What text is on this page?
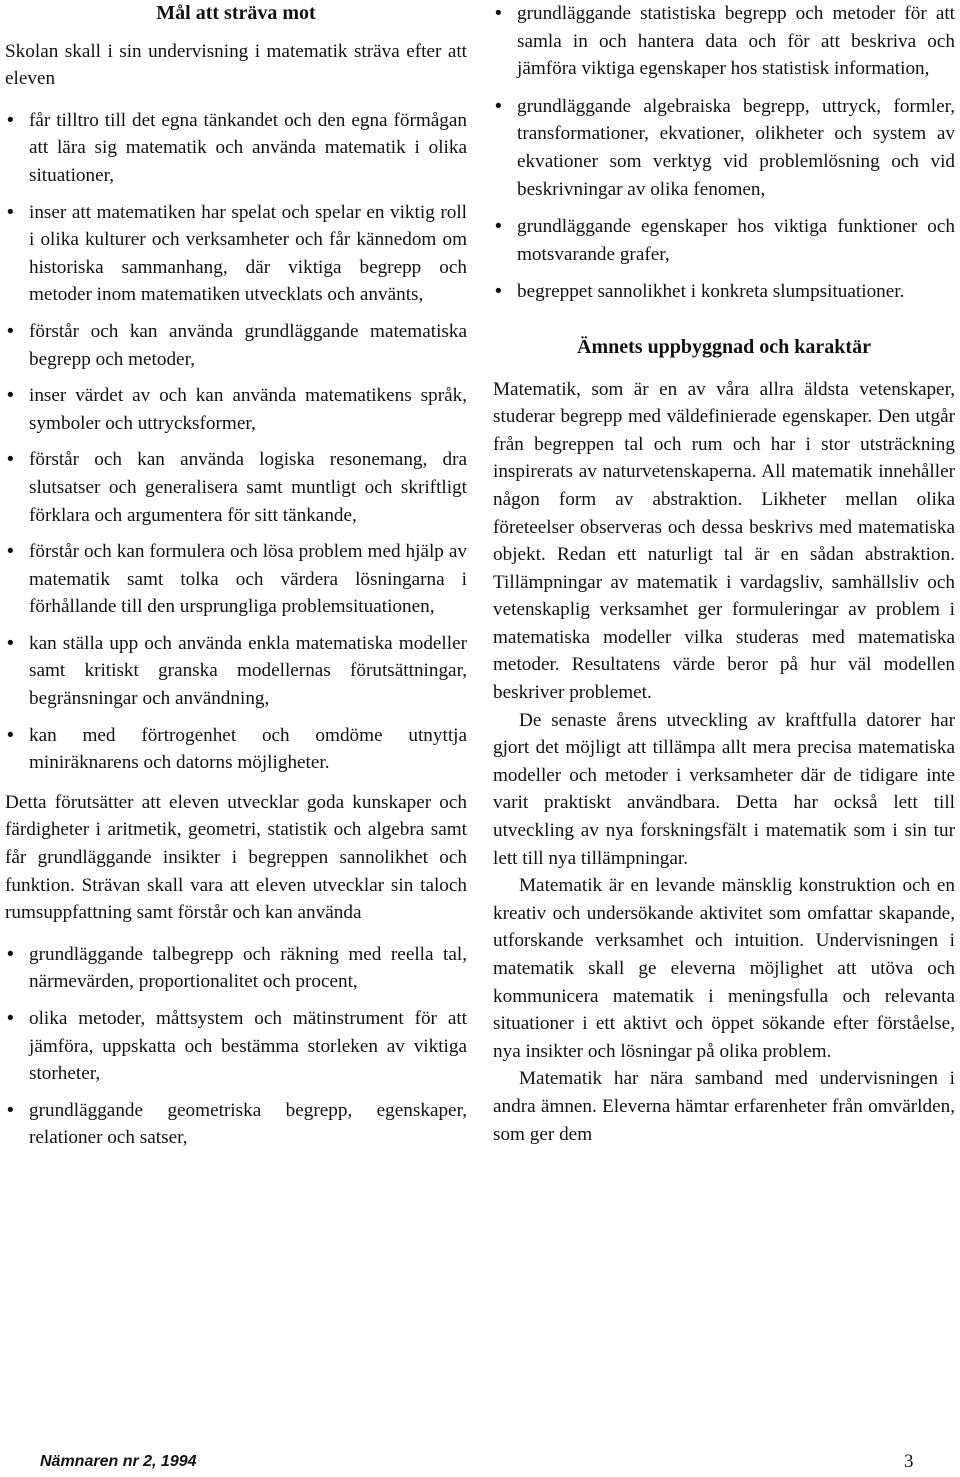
Mål att sträva mot

Skolan skall i sin undervisning i matematik sträva efter att eleven

• får tilltro till det egna tänkandet och den egna förmågan att lära sig matematik och använda matematik i olika situationer,
• inser att matematiken har spelat och spelar en viktig roll i olika kulturer och verksamheter och får kännedom om historiska sammanhang, där viktiga begrepp och metoder inom matematiken utvecklats och använts,
• förstår och kan använda grundläggande matematiska begrepp och metoder,
• inser värdet av och kan använda matematikens språk, symboler och uttrycksformer,
• förstår och kan använda logiska resonemang, dra slutsatser och generalisera samt muntligt och skriftligt förklara och argumentera för sitt tänkande,
• förstår och kan formulera och lösa problem med hjälp av matematik samt tolka och värdera lösningarna i förhållande till den ursprungliga problemsituationen,
• kan ställa upp och använda enkla matematiska modeller samt kritiskt granska modellernas förutsättningar, begränsningar och användning,
• kan med förtrogenhet och omdöme utnyttja miniräknarens och datorns möjligheter.

Detta förutsätter att eleven utvecklar goda kunskaper och färdigheter i aritmetik, geometri, statistik och algebra samt får grundläggande insikter i begreppen sannolikhet och funktion. Strävan skall vara att eleven utvecklar sin taloch rumsuppfattning samt förstår och kan använda

• grundläggande talbegrepp och räkning med reella tal, närmevärden, proportionalitet och procent,
• olika metoder, måttsystem och mätinstrument för att jämföra, uppskatta och bestämma storleken av viktiga storheter,
• grundläggande geometriska begrepp, egenskaper, relationer och satser,
• grundläggande statistiska begrepp och metoder för att samla in och hantera data och för att beskriva och jämföra viktiga egenskaper hos statistisk information,
• grundläggande algebraiska begrepp, uttryck, formler, transformationer, ekvationer, olikheter och system av ekvationer som verktyg vid problemlösning och vid beskrivningar av olika fenomen,
• grundläggande egenskaper hos viktiga funktioner och motsvarande grafer,
• begreppet sannolikhet i konkreta slumpsituationer.
Ämnets uppbyggnad och karaktär

Matematik, som är en av våra allra äldsta vetenskaper, studerar begrepp med väldefinierade egenskaper. Den utgår från begreppen tal och rum och har i stor utsträckning inspirerats av naturvetenskaperna. All matematik innehåller någon form av abstraktion. Likheter mellan olika företeelser observeras och dessa beskrivs med matematiska objekt. Redan ett naturligt tal är en sådan abstraktion. Tillämpningar av matematik i vardagsliv, samhällsliv och vetenskaplig verksamhet ger formuleringar av problem i matematiska modeller vilka studeras med matematiska metoder. Resultatens värde beror på hur väl modellen beskriver problemet.

De senaste årens utveckling av kraftfulla datorer har gjort det möjligt att tillämpa allt mera precisa matematiska modeller och metoder i verksamheter där de tidigare inte varit praktiskt användbara. Detta har också lett till utveckling av nya forskningsfält i matematik som i sin tur lett till nya tillämpningar.

Matematik är en levande mänsklig konstruktion och en kreativ och undersökande aktivitet som omfattar skapande, utforskande verksamhet och intuition. Undervisningen i matematik skall ge eleverna möjlighet att utöva och kommunicera matematik i meningsfulla och relevanta situationer i ett aktivt och öppet sökande efter förståelse, nya insikter och lösningar på olika problem.

Matematik har nära samband med undervisningen i andra ämnen. Eleverna hämtar erfarenheter från omvärlden, som ger dem

Nämnaren nr 2, 1994	3
